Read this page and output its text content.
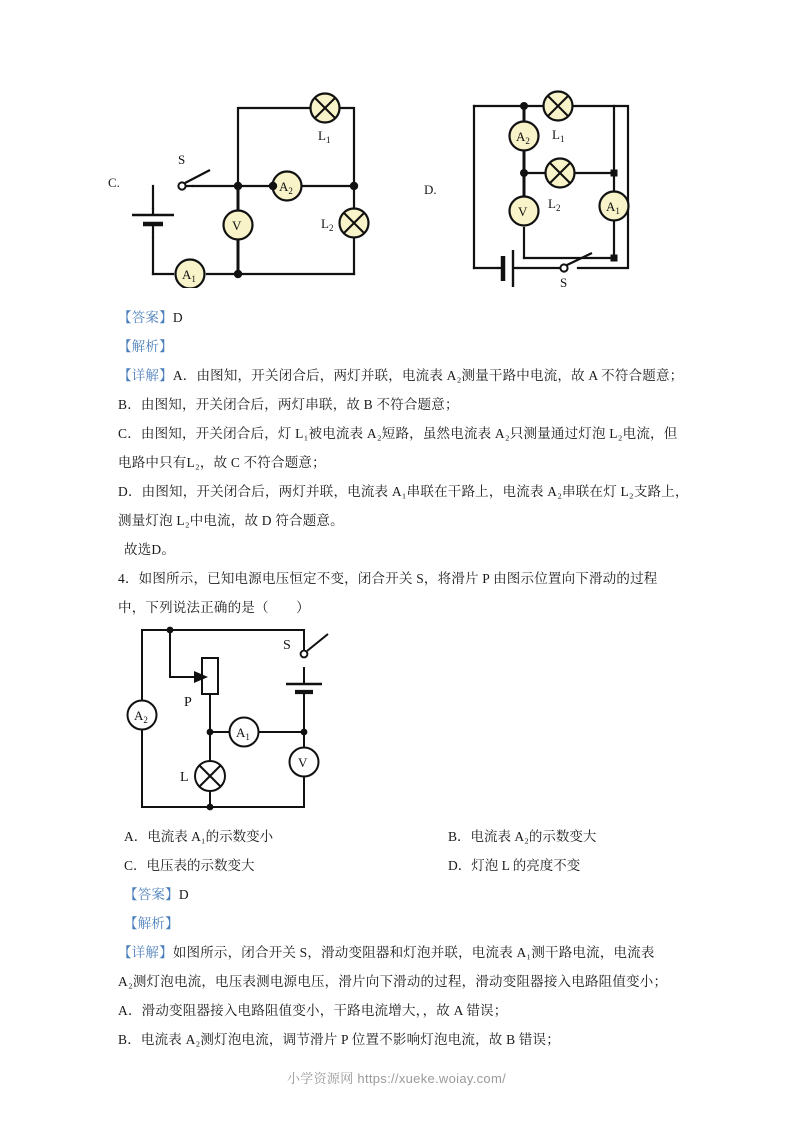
S
$L_1$
$L_2$
$A_2$
V
$A_1$
C.
S
$L_1$
$L_2$
$A_2$
V	$A_1$
D.

【答案】D

【解析】

【详解】A．由图知，开关闭合后，两灯并联，电流表 A₂测量干路中电流，故 A 不符合题意；

B．由图知，开关闭合后，两灯串联，故 B 不符合题意；

C．由图知，开关闭合后，灯 L₁被电流表 A₂短路，虽然电流表 A₂只测量通过灯泡 L₂电流，但

电路中只有L₂，故 C 不符合题意；

D．由图知，开关闭合后，两灯并联，电流表 A₁串联在干路上，电流表 A₂串联在灯 L₂支路上，

测量灯泡 L₂中电流，故 D 符合题意。

故选D。

4．如图所示，已知电源电压恒定不变，闭合开关 S，将滑片 P 由图示位置向下滑动的过程

中，下列说法正确的是（　　）

P
S
$A_2$
$A_1$
V
L
A．电流表 A₁的示数变小	B．电流表 A₂的示数变大
C．电压表的示数变大	D．灯泡 L 的亮度不变

【答案】D

【解析】

【详解】如图所示，闭合开关 S，滑动变阻器和灯泡并联，电流表 A₁测干路电流，电流表

A₂测灯泡电流，电压表测电源电压，滑片向下滑动的过程，滑动变阻器接入电路阻值变小；

A．滑动变阻器接入电路阻值变小，干路电流增大，，故 A 错误；

B．电流表 A₂测灯泡电流，调节滑片 P 位置不影响灯泡电流，故 B 错误；

小学资源网 https://xueke.woiay.com/
